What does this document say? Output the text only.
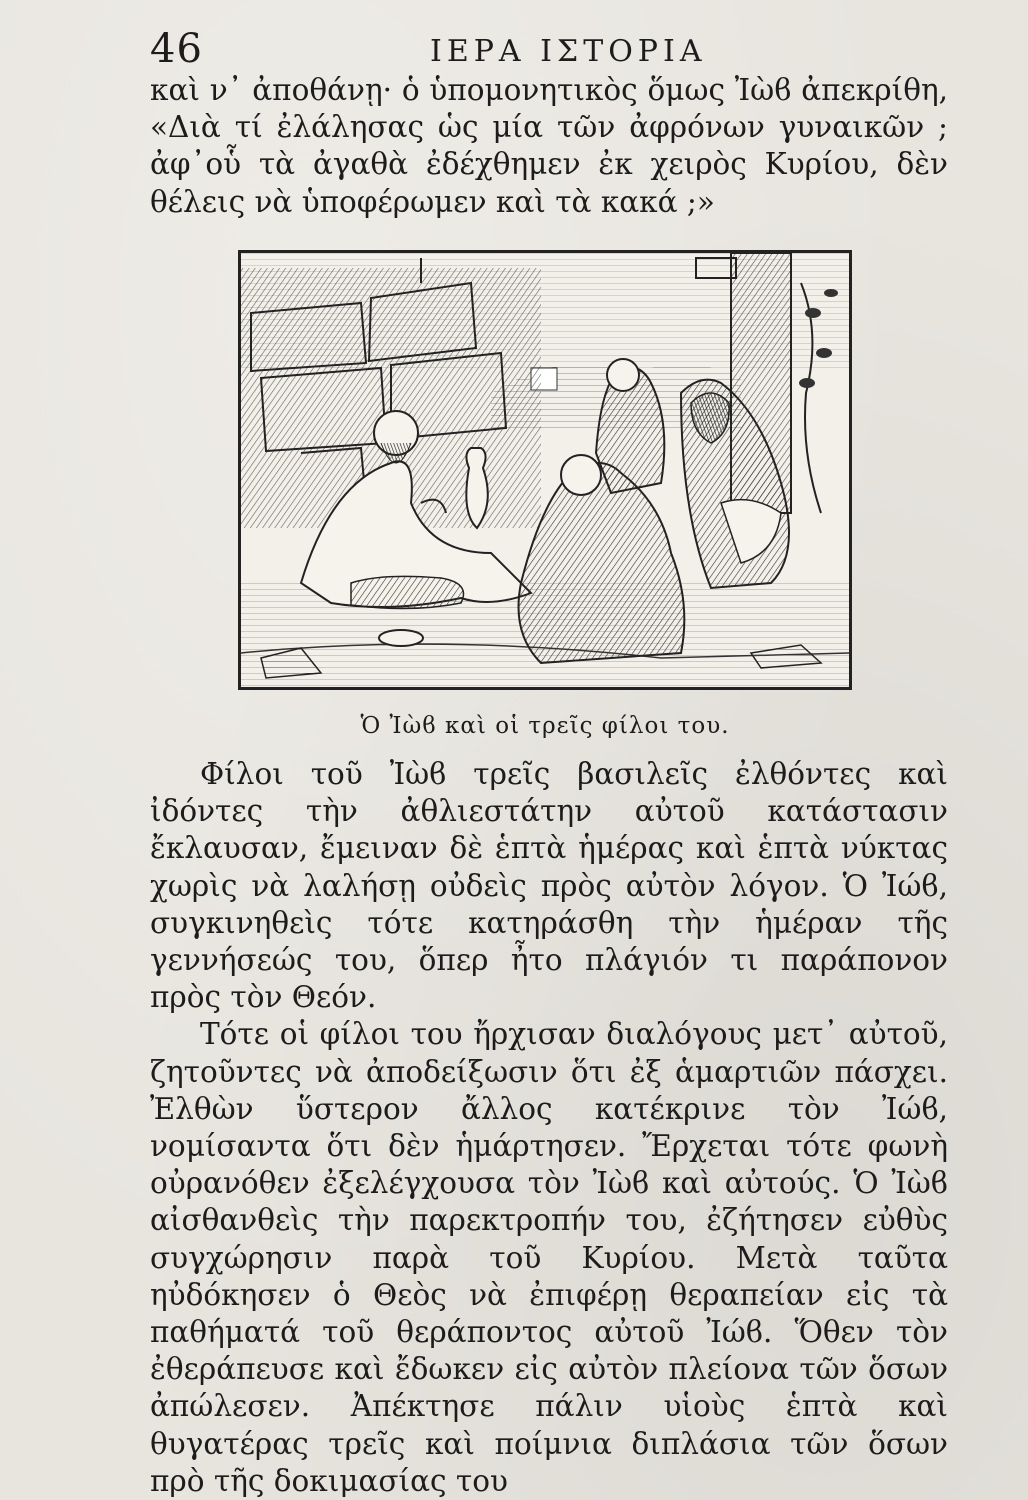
46	ΙΕΡΑ ΙΣΤΟΡΙΑ

καὶ ν᾽ ἀποθάνῃ· ὁ ὑπομονητικὸς ὅμως Ἰὼϐ ἀπεκρίθη, «Διὰ τί ἐλάλησας ὡς μία τῶν ἀφρόνων γυναικῶν ; ἀφ᾽οὗ τὰ ἀγαθὰ ἐδέχθημεν ἐκ χειρὸς Κυρίου, δὲν θέλεις νὰ ὑποφέρωμεν καὶ τὰ κακά ;»

Ὁ Ἰὼϐ καὶ οἱ τρεῖς φίλοι του.

Φίλοι τοῦ Ἰὼϐ τρεῖς βασιλεῖς ἐλθόντες καὶ ἰδόντες τὴν ἀθλιεστάτην αὐτοῦ κατάστασιν ἔκλαυσαν, ἔμειναν δὲ ἑπτὰ ἡμέρας καὶ ἑπτὰ νύκτας χωρὶς νὰ λαλήσῃ οὐδεὶς πρὸς αὐτὸν λόγον. Ὁ Ἰώϐ, συγκινηθεὶς τότε κατηράσθη τὴν ἡμέραν τῆς γεννήσεώς του, ὅπερ ἦτο πλάγιόν τι παράπονον πρὸς τὸν Θεόν.

Τότε οἱ φίλοι του ἤρχισαν διαλόγους μετ᾽ αὐτοῦ, ζητοῦντες νὰ ἀποδείξωσιν ὅτι ἐξ ἁμαρτιῶν πάσχει. Ἐλθὼν ὕστερον ἄλλος κατέκρινε τὸν Ἰώϐ, νομίσαντα ὅτι δὲν ἡμάρτησεν. Ἔρχεται τότε φωνὴ οὐρανόθεν ἐξελέγχουσα τὸν Ἰὼϐ καὶ αὐτούς. Ὁ Ἰὼϐ αἰσθανθεὶς τὴν παρεκτροπήν του, ἐζήτησεν εὐθὺς συγχώρησιν παρὰ τοῦ Κυρίου. Μετὰ ταῦτα ηὐδόκησεν ὁ Θεὸς νὰ ἐπιφέρῃ θεραπείαν εἰς τὰ παθήματά τοῦ θεράποντος αὐτοῦ Ἰώϐ. Ὅθεν τὸν ἐθεράπευσε καὶ ἔδωκεν εἰς αὐτὸν πλείονα τῶν ὅσων ἀπώλεσεν. Ἀπέκτησε πάλιν υἱοὺς ἑπτὰ καὶ θυγατέρας τρεῖς καὶ ποίμνια διπλάσια τῶν ὅσων πρὸ τῆς δοκιμασίας του
